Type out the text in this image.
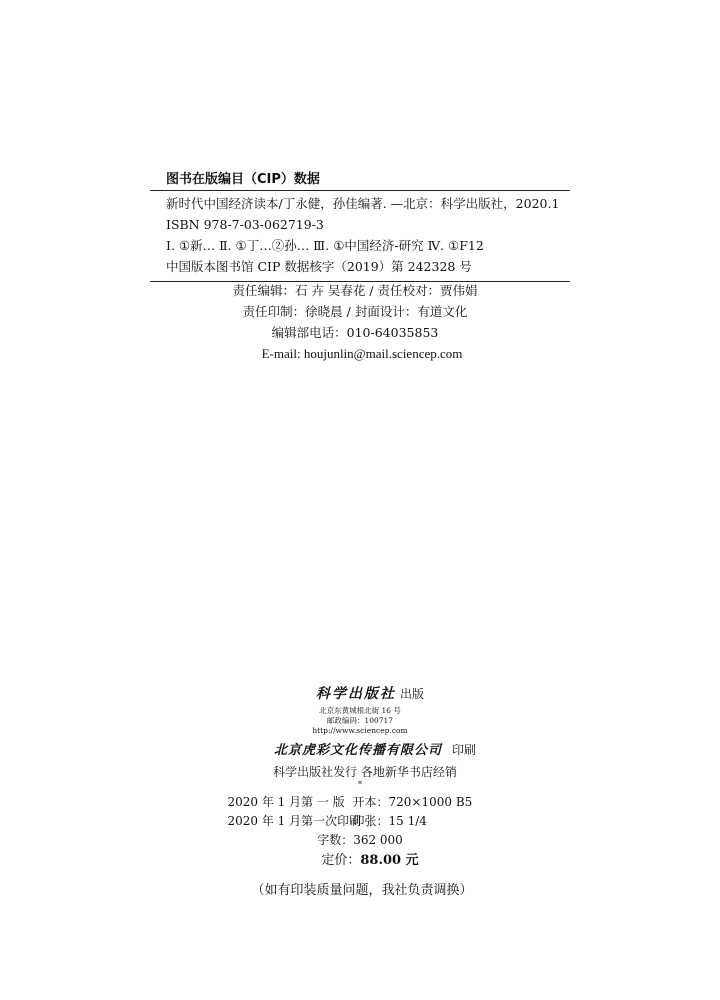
图书在版编目（CIP）数据
新时代中国经济读本/丁永健，孙佳编著. —北京：科学出版社，2020.1
ISBN 978-7-03-062719-3
Ⅰ. ①新… Ⅱ. ①丁…②孙… Ⅲ. ①中国经济-研究 Ⅳ. ①F12
中国版本图书馆 CIP 数据核字（2019）第 242328 号
责任编辑：石 卉 吴春花 / 责任校对：贾伟娟
责任印制：徐晓晨 / 封面设计：有道文化
编辑部电话：010-64035853
E-mail: houjunlin@mail.sciencep.com
科学出版社 出版
北京东黄城根北街 16 号
邮政编码：100717
http://www.sciencep.com
北京虎彩文化传播有限公司 印刷
科学出版社发行 各地新华书店经销
*
2020 年 1 月第 一 版 开本：720×1000 B5
2020 年 1 月第一次印刷印张：15 1/4
字数：362 000
定价：88.00 元
（如有印装质量问题，我社负责调换）
